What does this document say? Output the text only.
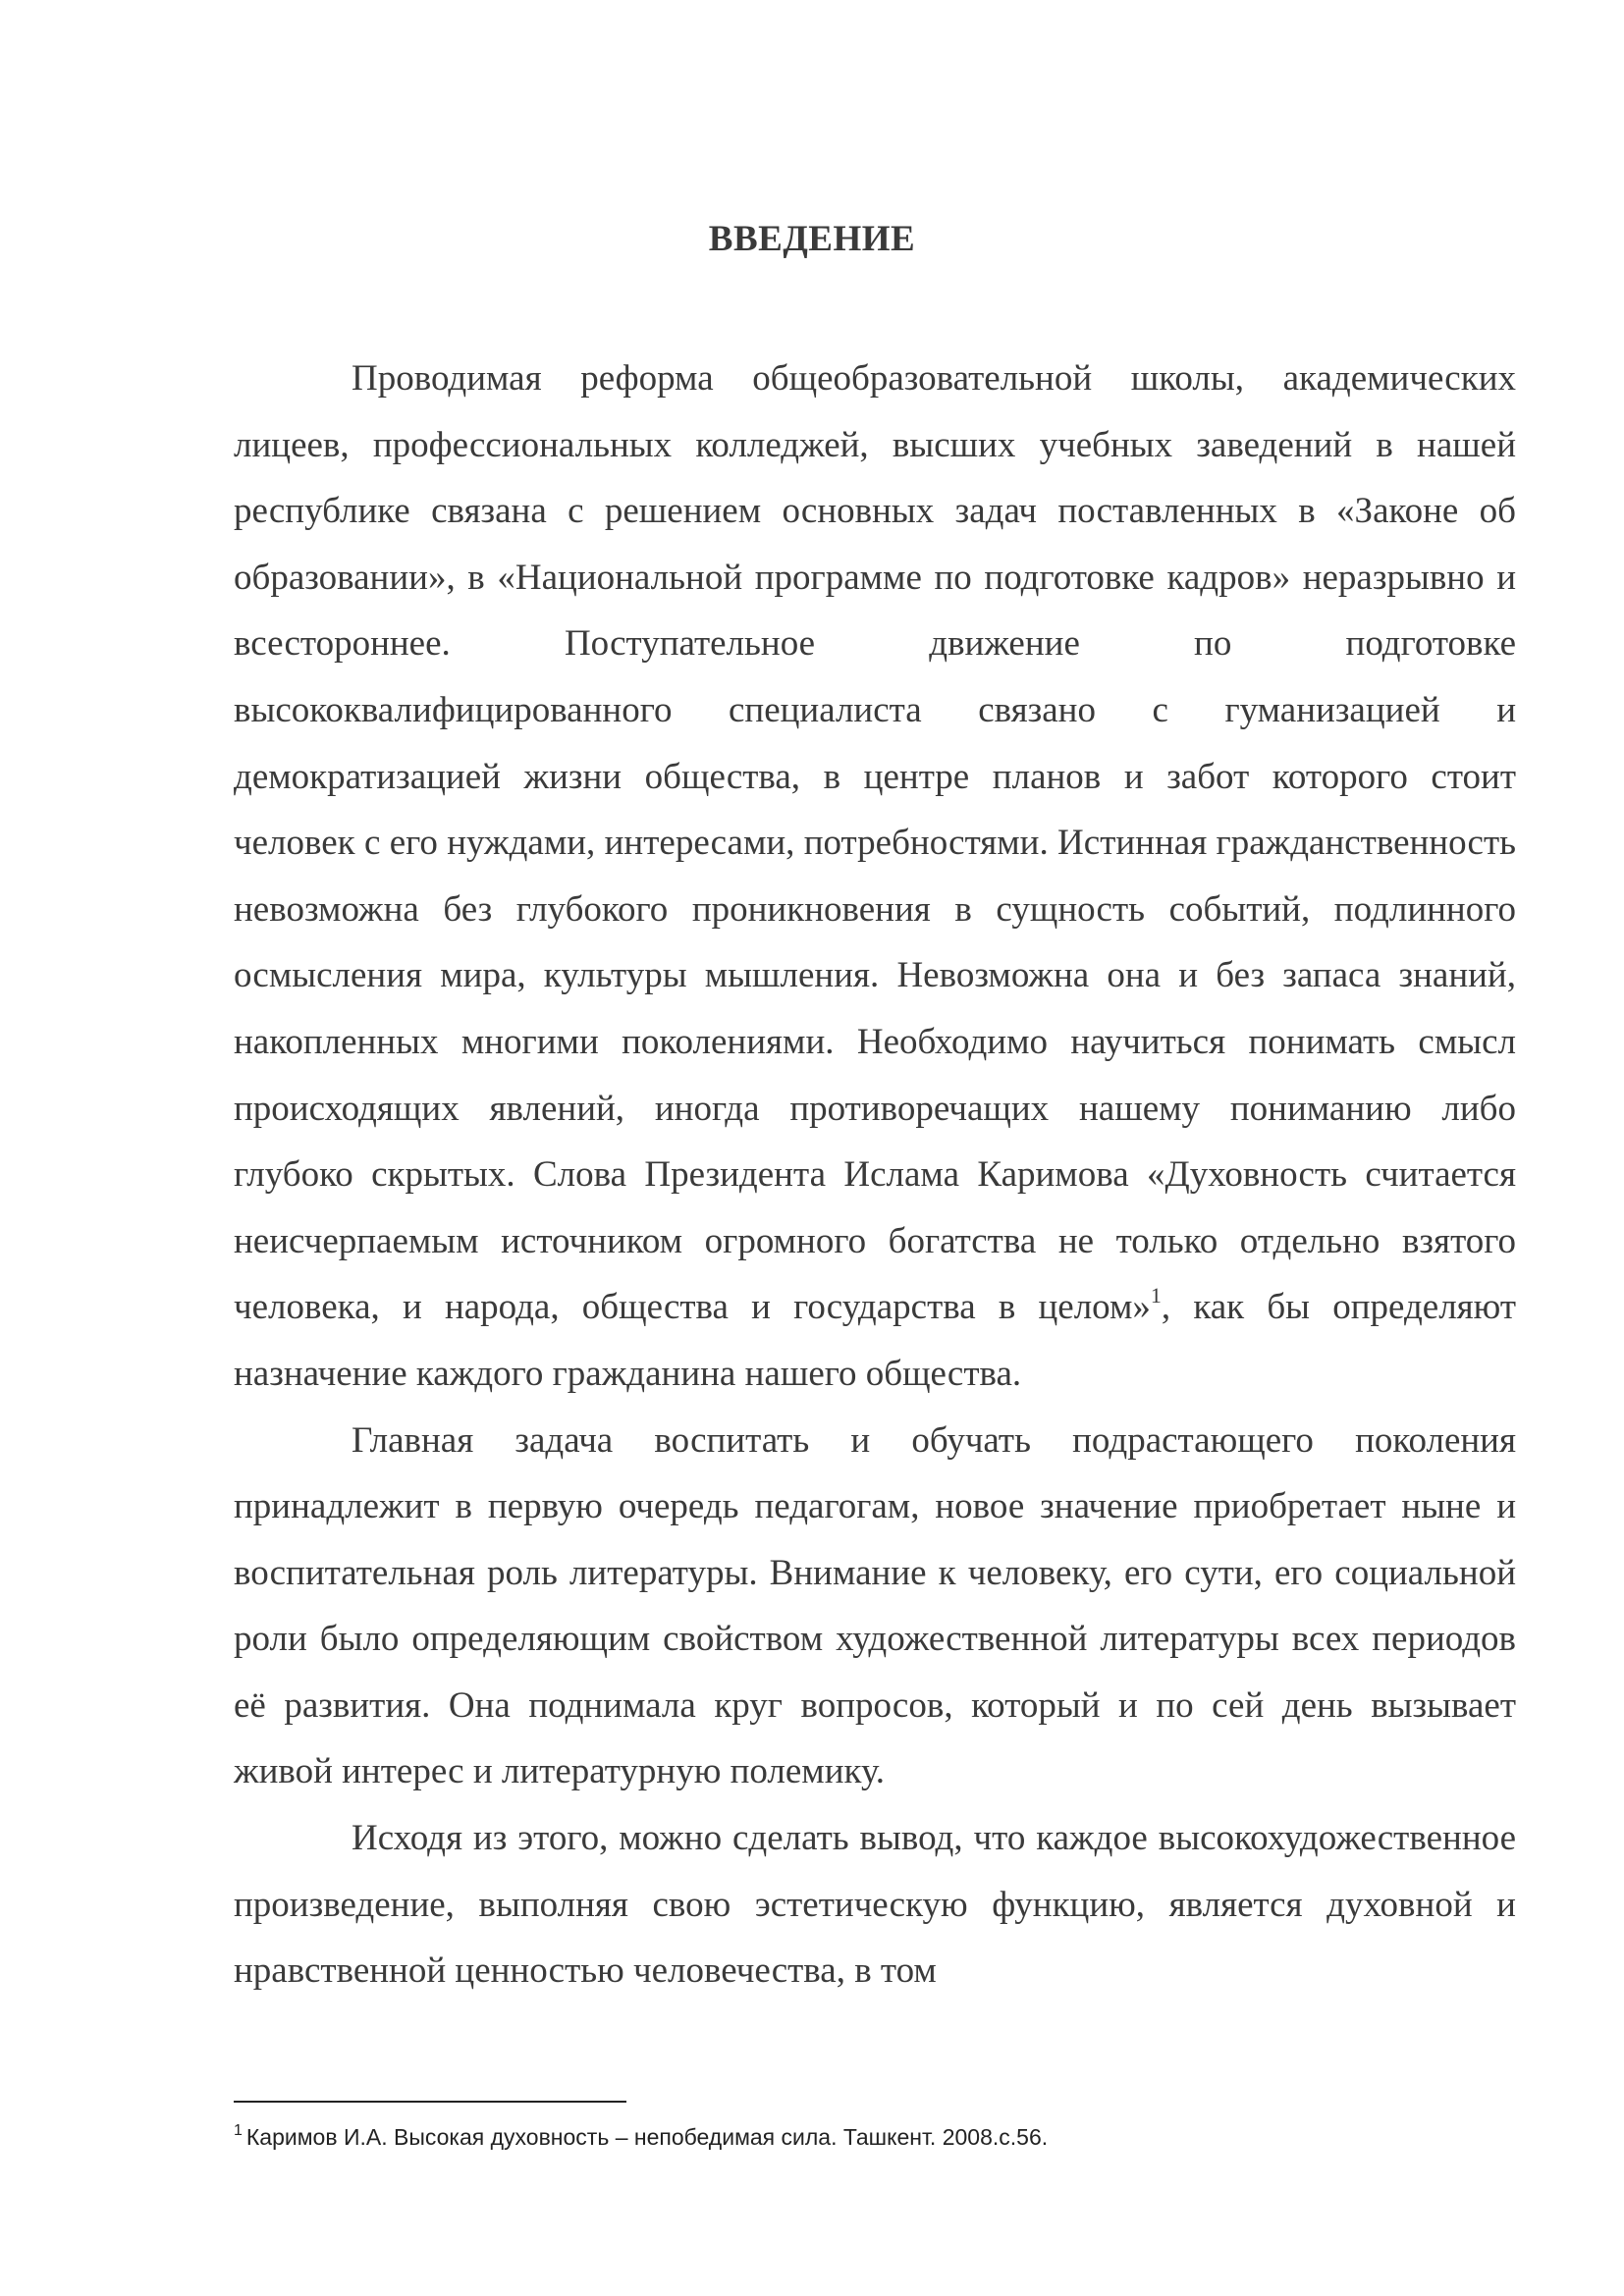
ВВЕДЕНИЕ

Проводимая реформа общеобразовательной школы, академических лицеев, профессиональных колледжей, высших учебных заведений в нашей республике связана с решением основных задач поставленных в «Законе об образовании», в «Национальной программе по подготовке кадров» неразрывно и всестороннее. Поступательное движение по подготовке высококвалифицированного специалиста связано с гуманизацией и демократизацией жизни общества, в центре планов и забот которого стоит человек с его нуждами, интересами, потребностями. Истинная гражданственность невозможна без глубокого проникновения в сущность событий, подлинного осмысления мира, культуры мышления. Невозможна она и без запаса знаний, накопленных многими поколениями. Необходимо научиться понимать смысл происходящих явлений, иногда противоречащих нашему пониманию либо глубоко скрытых. Слова Президента Ислама Каримова «Духовность считается неисчерпаемым источником огромного богатства не только отдельно взятого человека, и народа, общества и государства в целом»$^1$, как бы определяют назначение каждого гражданина нашего общества.

Главная задача воспитать и обучать подрастающего поколения принадлежит в первую очередь педагогам, новое значение приобретает ныне и воспитательная роль литературы. Внимание к человеку, его сути, его социальной роли было определяющим свойством художественной литературы всех периодов её развития. Она поднимала круг вопросов, который и по сей день вызывает живой интерес и литературную полемику.

Исходя из этого, можно сделать вывод, что каждое высокохудожественное произведение, выполняя свою эстетическую функцию, является духовной и нравственной ценностью человечества, в том

$^1$ Каримов И.А. Высокая духовность – непобедимая сила. Ташкент. 2008.с.56.
